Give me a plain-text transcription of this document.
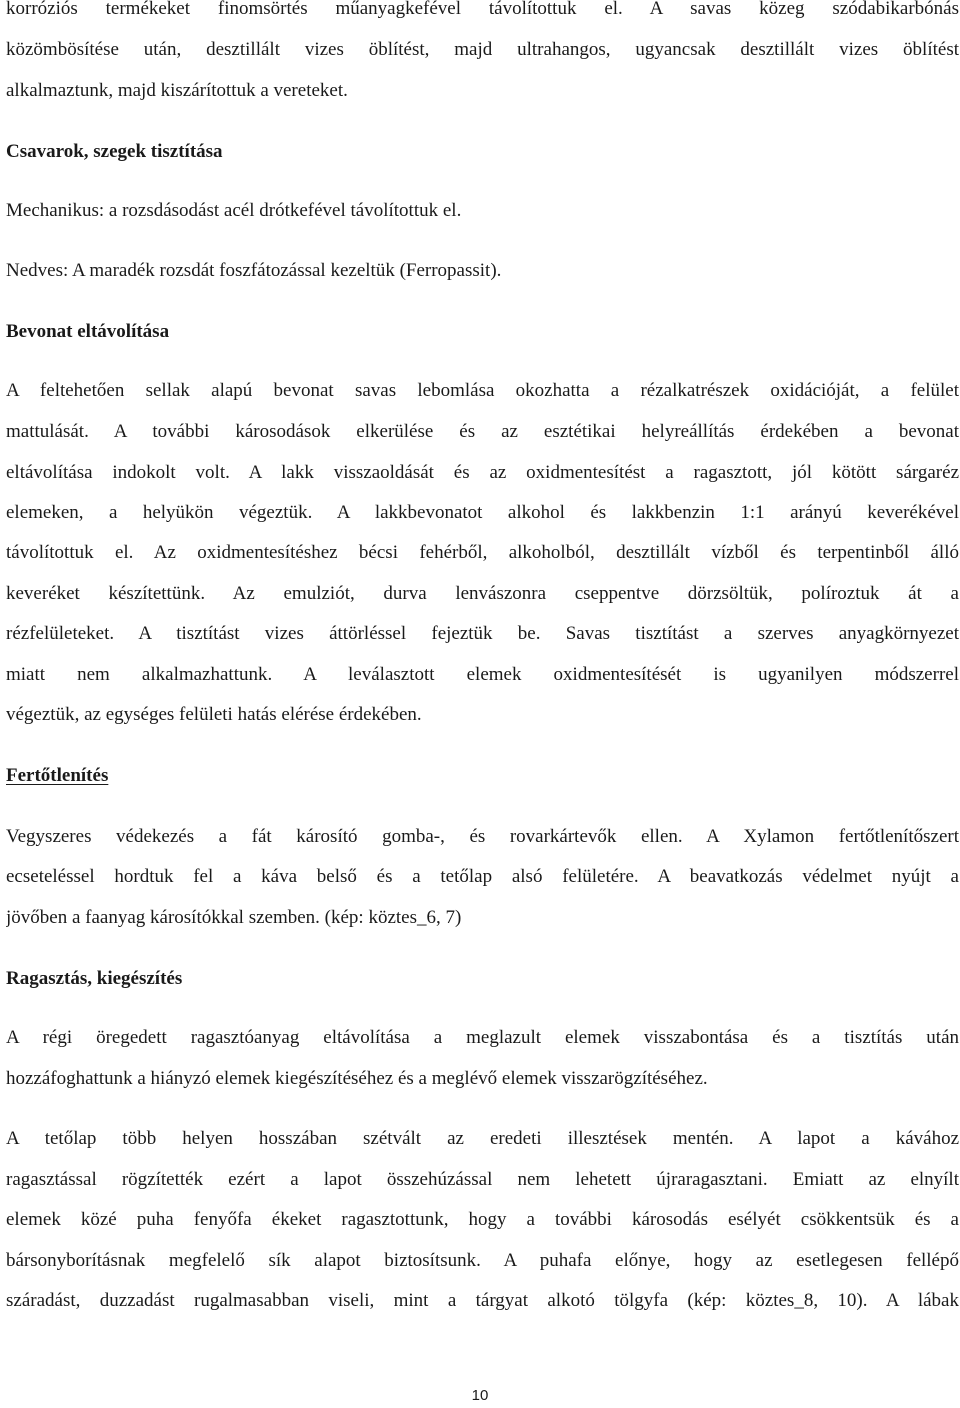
korróziós termékeket finomsörtés műanyagkefével távolítottuk el. A savas közeg szódabikarbónás
közömbösítése után, desztillált vizes öblítést, majd ultrahangos, ugyancsak desztillált vizes öblítést
alkalmaztunk, majd kiszárítottuk a vereteket.
Csavarok, szegek tisztítása
Mechanikus: a rozsdásodást acél drótkefével távolítottuk el.
Nedves: A maradék rozsdát foszfátozással kezeltük (Ferropassit).
Bevonat eltávolítása
A feltehetően sellak alapú bevonat savas lebomlása okozhatta a rézalkatrészek oxidációját, a felület
mattulását. A további károsodások elkerülése és az esztétikai helyreállítás érdekében a bevonat
eltávolítása indokolt volt. A lakk visszaoldását és az oxidmentesítést a ragasztott, jól kötött sárgaréz
elemeken, a helyükön végeztük. A lakkbevonatot alkohol és lakkbenzin 1:1 arányú keverékével
távolítottuk el. Az oxidmentesítéshez bécsi fehérből, alkoholból, desztillált vízből és terpentinből álló
keveréket készítettünk. Az emulziót, durva lenvászonra cseppentve dörzsöltük, políroztuk át a
rézfelületeket. A tisztítást vizes áttörléssel fejeztük be. Savas tisztítást a szerves anyagkörnyezet
miatt nem alkalmazhattunk. A leválasztott elemek oxidmentesítését is ugyanilyen módszerrel
végeztük, az egységes felületi hatás elérése érdekében.
Fertőtlenítés
Vegyszeres védekezés a fát károsító gomba-, és rovarkártevők ellen. A Xylamon fertőtlenítőszert
ecseteléssel hordtuk fel a káva belső és a tetőlap alsó felületére. A beavatkozás védelmet nyújt a
jövőben a faanyag károsítókkal szemben. (kép: köztes_6, 7)
Ragasztás, kiegészítés
A régi öregedett ragasztóanyag eltávolítása a meglazult elemek visszabontása és a tisztítás után
hozzáfoghattunk a hiányzó elemek kiegészítéséhez és a meglévő elemek visszarögzítéséhez.
A tetőlap több helyen hosszában szétvált az eredeti illesztések mentén. A lapot a kávához
ragasztással rögzítették ezért a lapot összehúzással nem lehetett újraragasztani. Emiatt az elnyílt
elemek közé puha fenyőfa ékeket ragasztottunk, hogy a további károsodás esélyét csökkentsük és a
bársonyborításnak megfelelő sík alapot biztosítsunk. A puhafa előnye, hogy az esetlegesen fellépő
száradást, duzzadást rugalmasabban viseli, mint a tárgyat alkotó tölgyfa (kép: köztes_8, 10). A lábak
10
